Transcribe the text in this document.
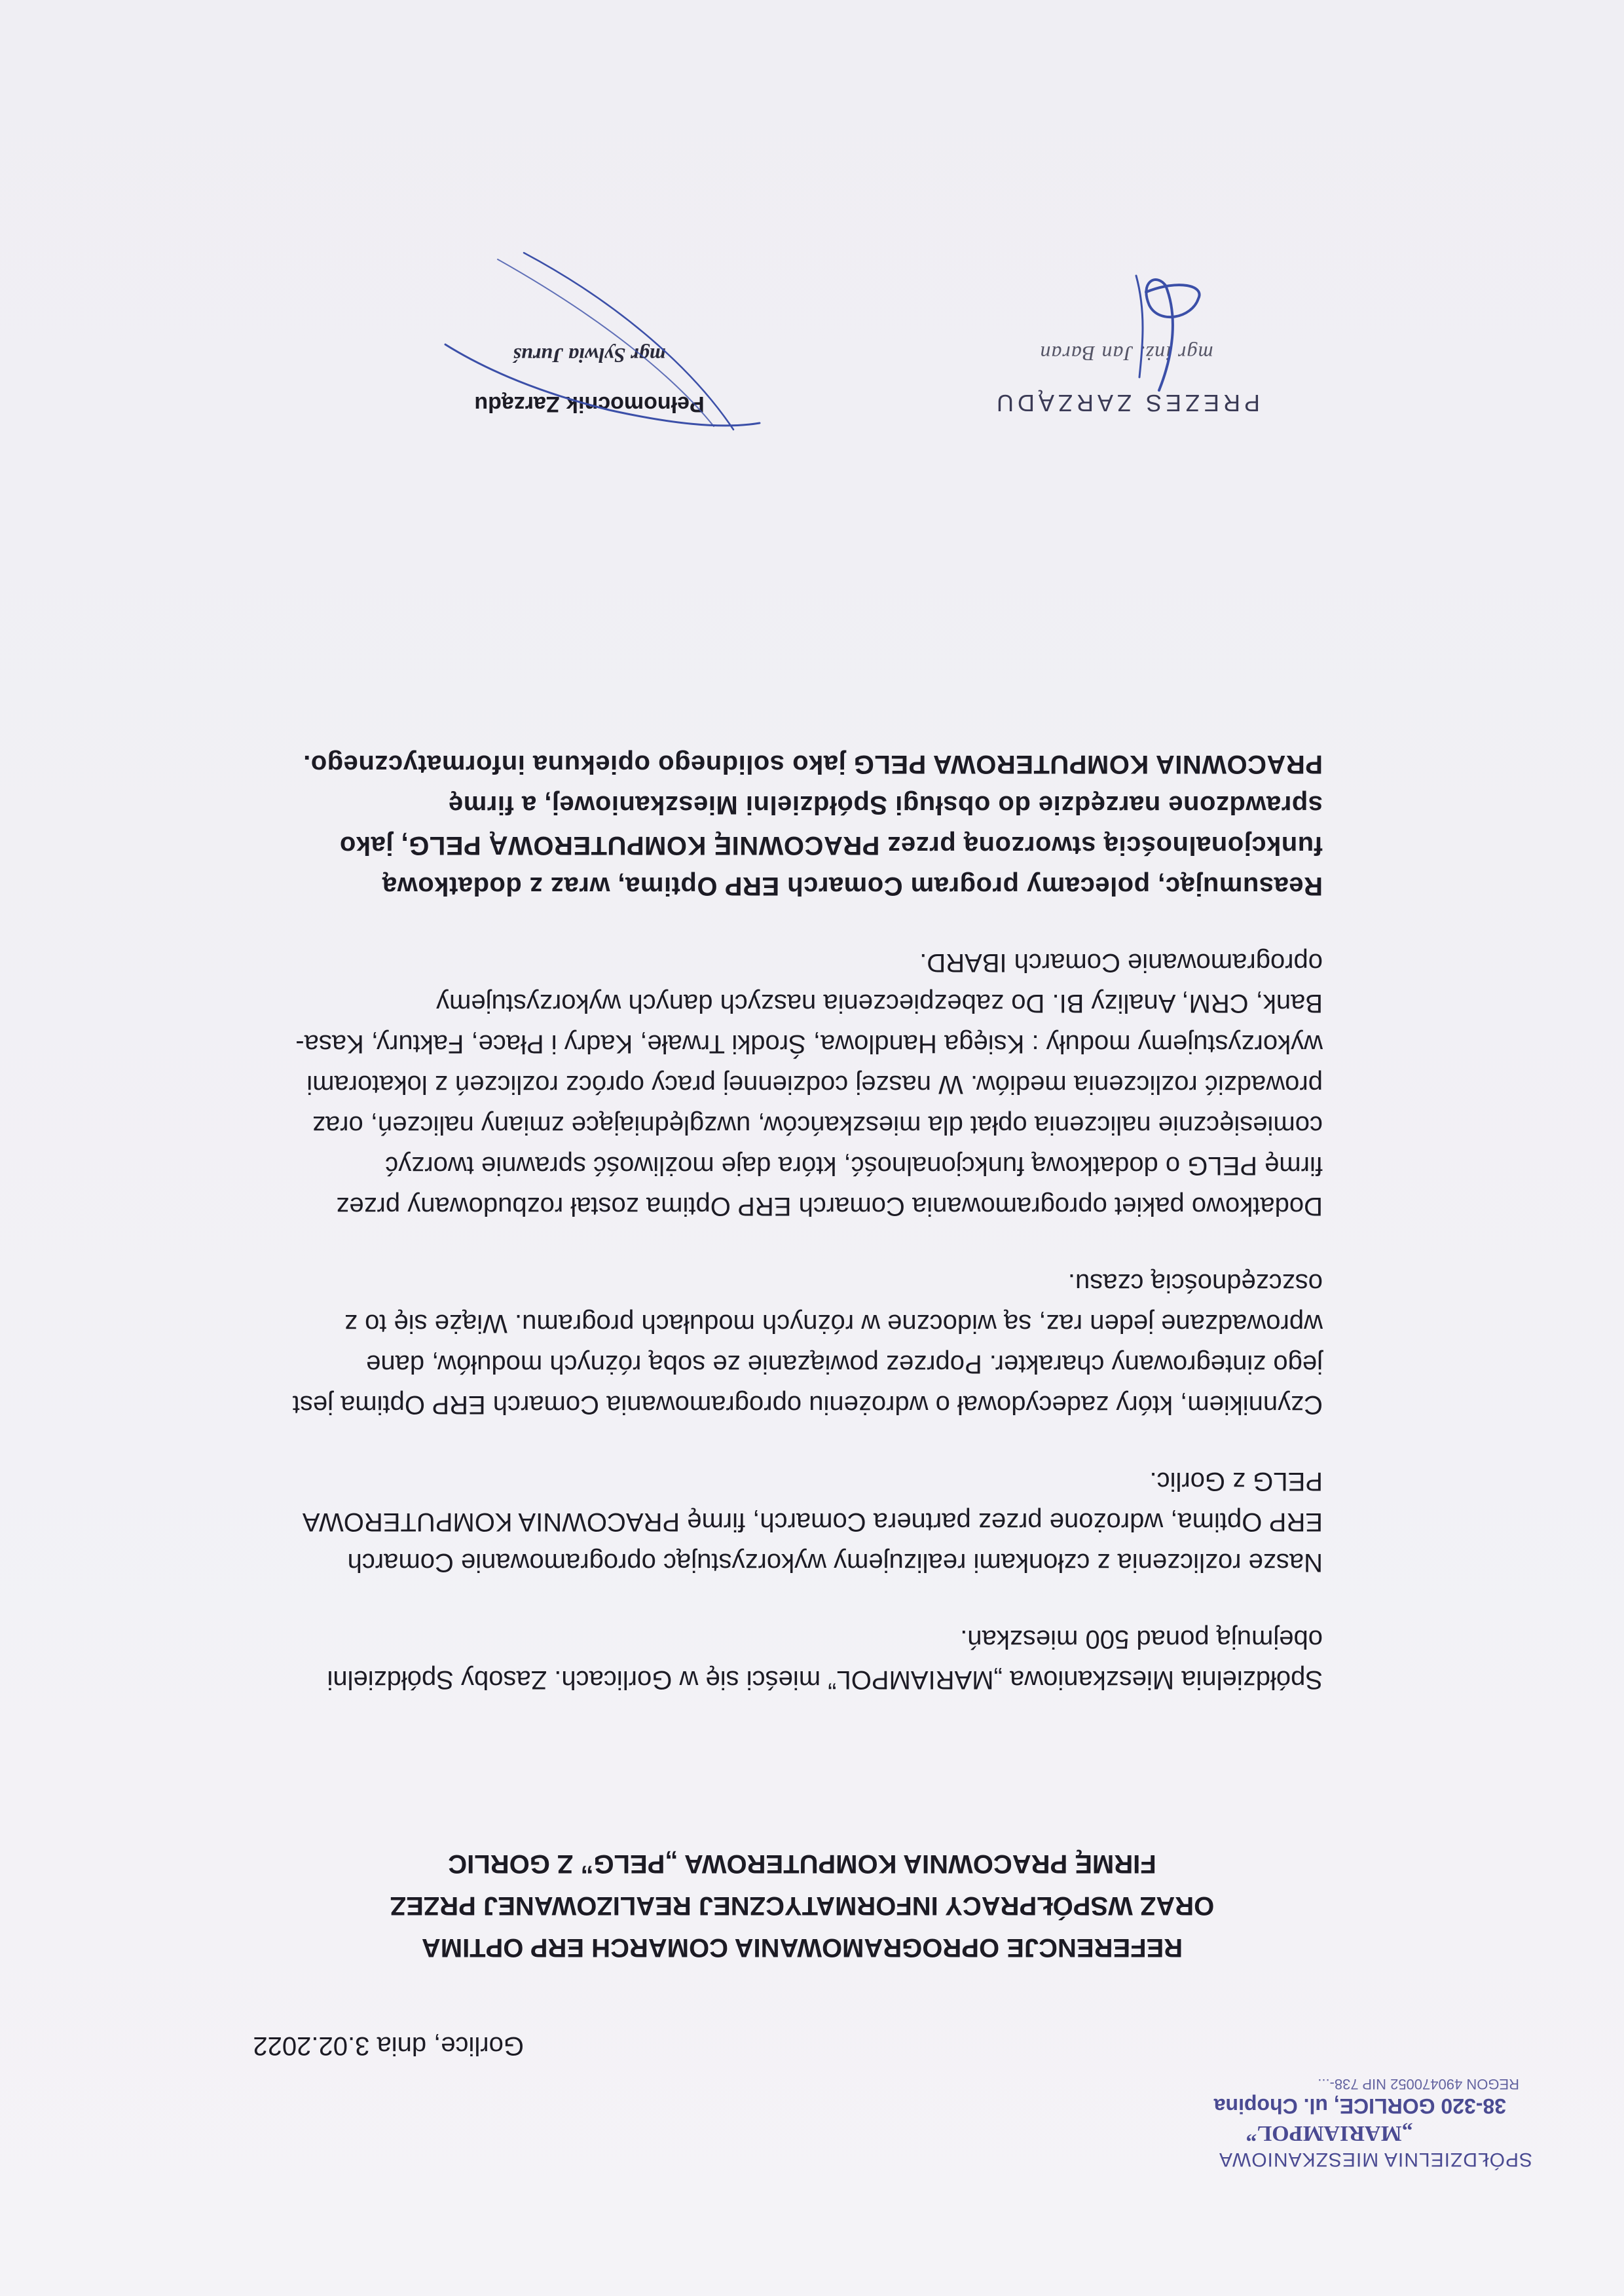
SPÓŁDZIELNIA MIESZKANIOWA
„MARIAMPOL”
38-320 GORLICE, ul. Chopina
REGON 490470052 NIP 738-...
Gorlice, dnia 3.02.2022
REFERENCJE OPROGRAMOWANIA COMARCH ERP OPTIMA
ORAZ WSPÓŁPRACY INFORMATYCZNEJ REALIZOWANEJ PRZEZ
FIRMĘ PRACOWNIA KOMPUTEROWA „PELG” Z GORLIC

Spółdzielnia Mieszkaniowa „MARIAMPOL” mieści się w Gorlicach. Zasoby Spółdzielni obejmują ponad 500 mieszkań.

Nasze rozliczenia z członkami realizujemy wykorzystując oprogramowanie Comarch ERP Optima, wdrożone przez partnera Comarch, firmę PRACOWNIA KOMPUTEROWA PELG z Gorlic.

Czynnikiem, który zadecydował o wdrożeniu oprogramowania Comarch ERP Optima jest jego zintegrowany charakter. Poprzez powiązanie ze sobą różnych modułów, dane wprowadzane jeden raz, są widoczne w różnych modułach programu. Wiąże się to z oszczędnością czasu.

Dodatkowo pakiet oprogramowania Comarch ERP Optima został rozbudowany przez firmę PELG o dodatkową funkcjonalność, która daje możliwość sprawnie tworzyć comiesięcznie naliczenia opłat dla mieszkańców, uwzględniające zmiany naliczeń, oraz prowadzić rozliczenia mediów. W naszej codziennej pracy oprócz rozliczeń z lokatorami wykorzystujemy moduły : Księga Handlowa, Środki Trwałe, Kadry i Płace, Faktury, Kasa-Bank, CRM, Analizy BI. Do zabezpieczenia naszych danych wykorzystujemy oprogramowanie Comarch IBARD.

Reasumując, polecamy program Comarch ERP Optima, wraz z dodatkową funkcjonalnością stworzoną przez PRACOWNIĘ KOMPUTEROWĄ PELG, jako sprawdzone narzędzie do obsługi Spółdzielni Mieszkaniowej, a firmę PRACOWNIA KOMPUTEROWA PELG jako solidnego opiekuna informatycznego.

PREZES ZARZĄDU
mgr inż. Jan Baran
Pełnomocnik Zarządu
mgr Sylwia Juruś
